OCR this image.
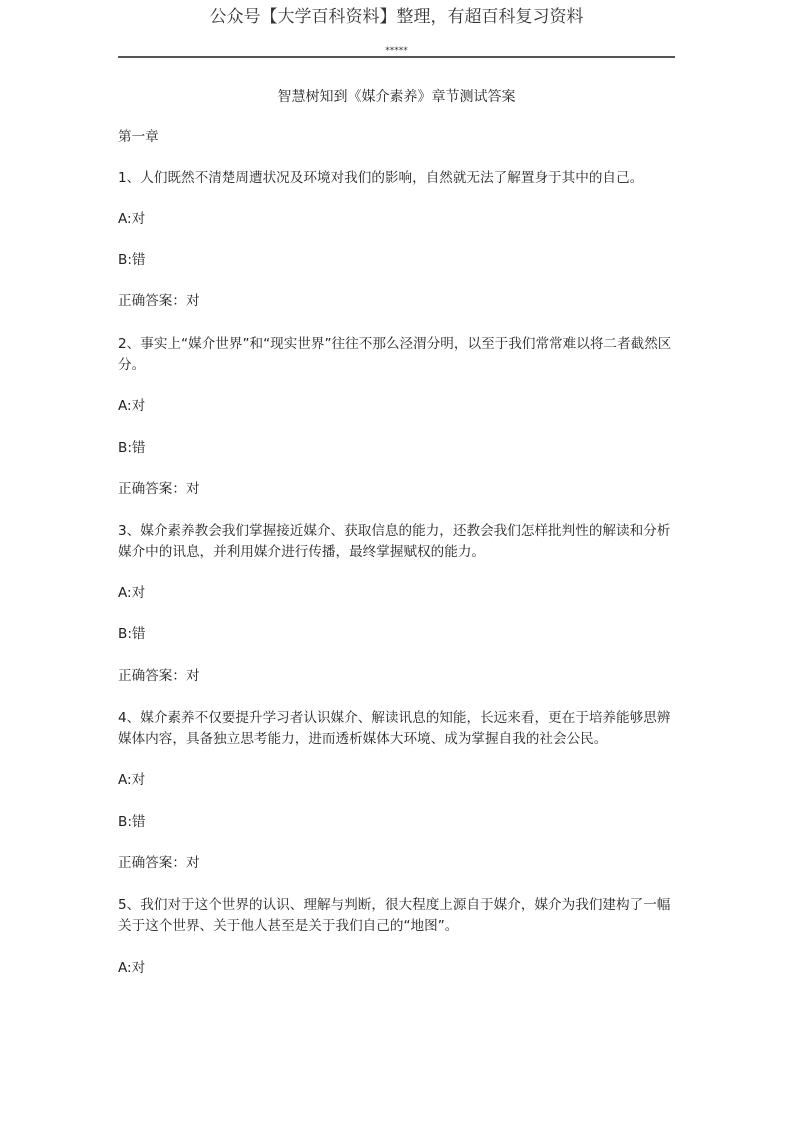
公众号【大学百科资料】整理，有超百科复习资料
*****
智慧树知到《媒介素养》章节测试答案
第一章
1、人们既然不清楚周遭状况及环境对我们的影响，自然就无法了解置身于其中的自己。
A:对
B:错
正确答案：对
2、事实上“媒介世界”和“现实世界”往往不那么泾渭分明，以至于我们常常难以将二者截然区分。
A:对
B:错
正确答案：对
3、媒介素养教会我们掌握接近媒介、获取信息的能力，还教会我们怎样批判性的解读和分析媒介中的讯息，并利用媒介进行传播，最终掌握赋权的能力。
A:对
B:错
正确答案：对
4、媒介素养不仅要提升学习者认识媒介、解读讯息的知能，长远来看，更在于培养能够思辨媒体内容，具备独立思考能力，进而透析媒体大环境、成为掌握自我的社会公民。
A:对
B:错
正确答案：对
5、我们对于这个世界的认识、理解与判断，很大程度上源自于媒介，媒介为我们建构了一幅关于这个世界、关于他人甚至是关于我们自己的“地图”。
A:对
